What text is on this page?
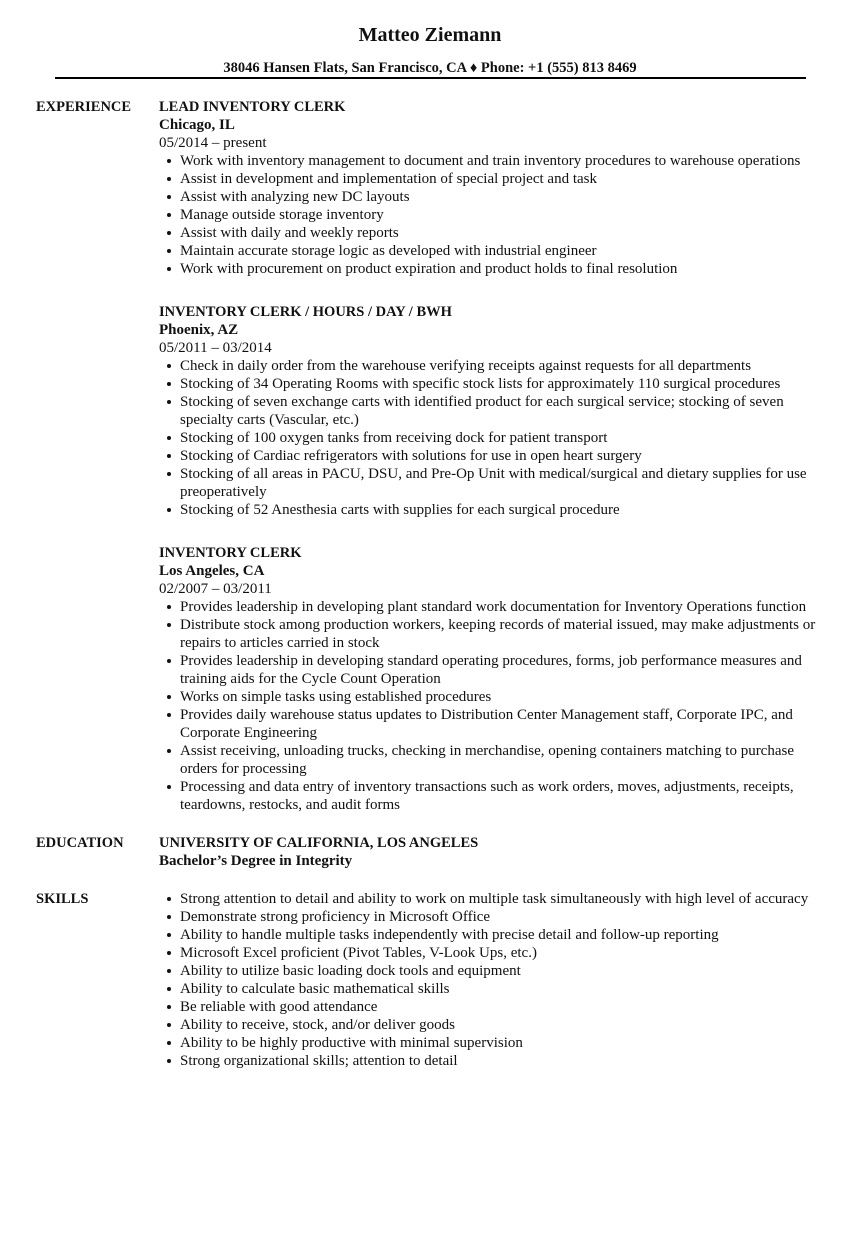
Matteo Ziemann
38046 Hansen Flats, San Francisco, CA ♦ Phone: +1 (555) 813 8469
EXPERIENCE LEAD INVENTORY CLERK
Chicago, IL
05/2014 – present
Work with inventory management to document and train inventory procedures to warehouse operations
Assist in development and implementation of special project and task
Assist with analyzing new DC layouts
Manage outside storage inventory
Assist with daily and weekly reports
Maintain accurate storage logic as developed with industrial engineer
Work with procurement on product expiration and product holds to final resolution
INVENTORY CLERK / HOURS / DAY / BWH
Phoenix, AZ
05/2011 – 03/2014
Check in daily order from the warehouse verifying receipts against requests for all departments
Stocking of 34 Operating Rooms with specific stock lists for approximately 110 surgical procedures
Stocking of seven exchange carts with identified product for each surgical service; stocking of seven specialty carts (Vascular, etc.)
Stocking of 100 oxygen tanks from receiving dock for patient transport
Stocking of Cardiac refrigerators with solutions for use in open heart surgery
Stocking of all areas in PACU, DSU, and Pre-Op Unit with medical/surgical and dietary supplies for use preoperatively
Stocking of 52 Anesthesia carts with supplies for each surgical procedure
INVENTORY CLERK
Los Angeles, CA
02/2007 – 03/2011
Provides leadership in developing plant standard work documentation for Inventory Operations function
Distribute stock among production workers, keeping records of material issued, may make adjustments or repairs to articles carried in stock
Provides leadership in developing standard operating procedures, forms, job performance measures and training aids for the Cycle Count Operation
Works on simple tasks using established procedures
Provides daily warehouse status updates to Distribution Center Management staff, Corporate IPC, and Corporate Engineering
Assist receiving, unloading trucks, checking in merchandise, opening containers matching to purchase orders for processing
Processing and data entry of inventory transactions such as work orders, moves, adjustments, receipts, teardowns, restocks, and audit forms
EDUCATION UNIVERSITY OF CALIFORNIA, LOS ANGELES
Bachelor’s Degree in Integrity
SKILLS	Strong attention to detail and ability to work on multiple task simultaneously with high level of accuracy
Demonstrate strong proficiency in Microsoft Office
Ability to handle multiple tasks independently with precise detail and follow-up reporting
Microsoft Excel proficient (Pivot Tables, V-Look Ups, etc.)
Ability to utilize basic loading dock tools and equipment
Ability to calculate basic mathematical skills
Be reliable with good attendance
Ability to receive, stock, and/or deliver goods
Ability to be highly productive with minimal supervision
Strong organizational skills; attention to detail
